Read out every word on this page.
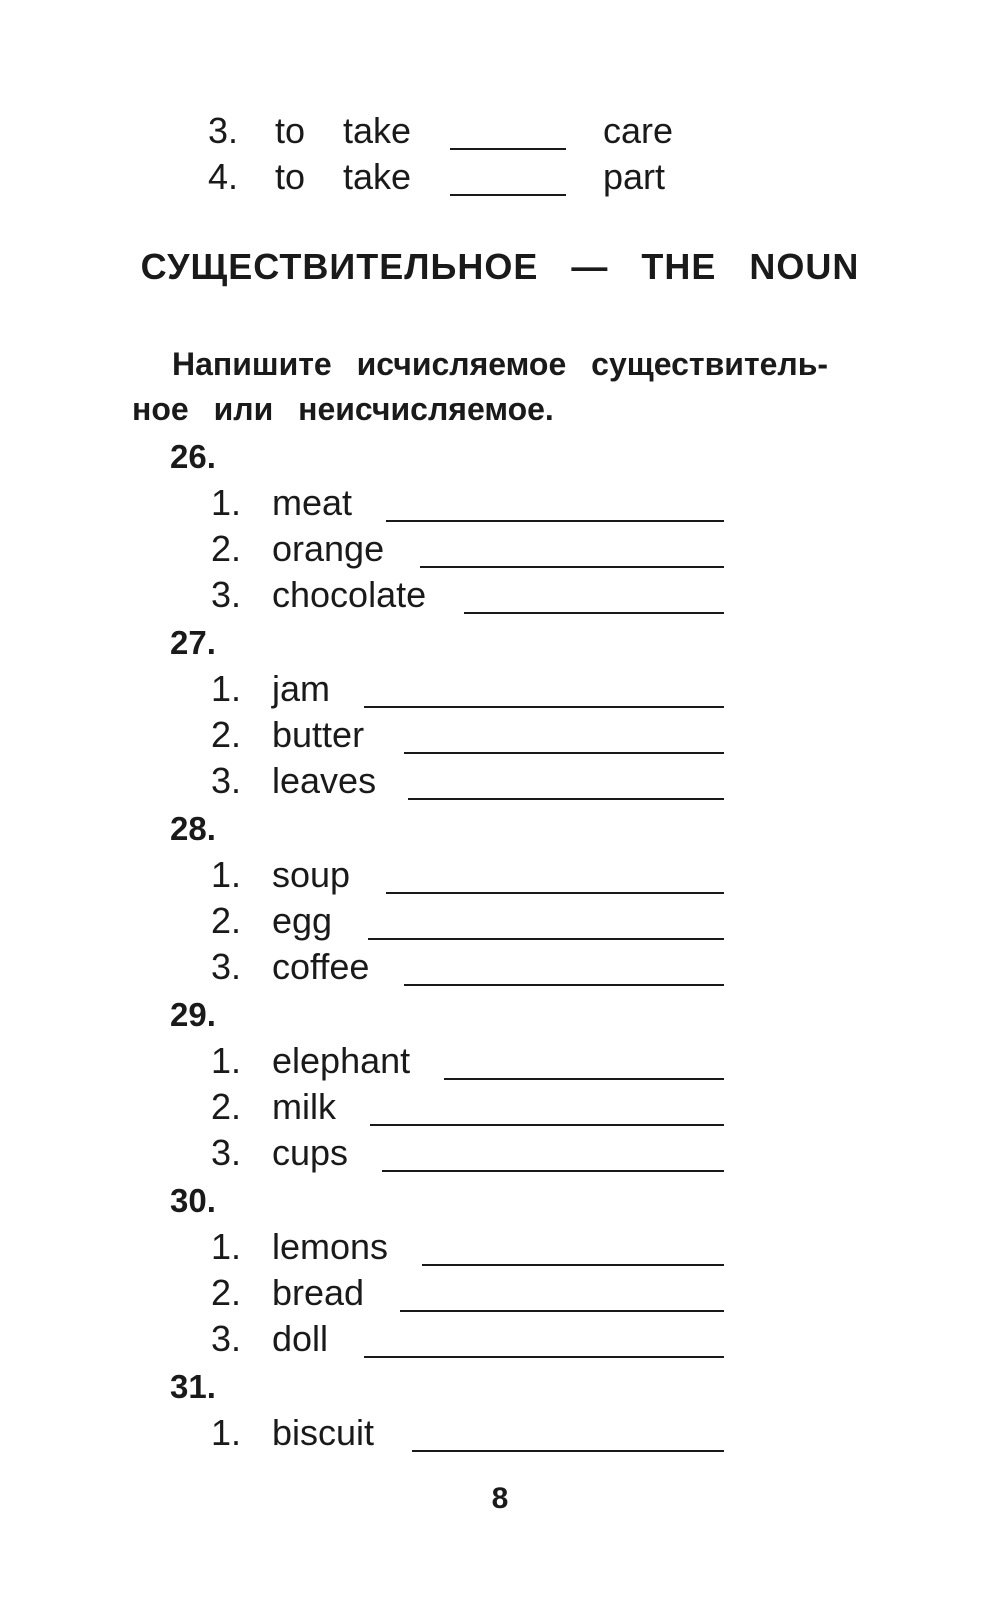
3. to take	care
4. to take	part
СУЩЕСТВИТЕЛЬНОЕ — THE NOUN
Напишите исчисляемое существитель-
ное или неисчисляемое.
26.
1. meat
2. orange
3. chocolate
27.
1. jam
2. butter
3. leaves
28.
1. soup
2. egg
3. coffee
29.
1. elephant
2. milk
3. cups
30.
1. lemons
2. bread
3. doll
31.
1. biscuit
8
